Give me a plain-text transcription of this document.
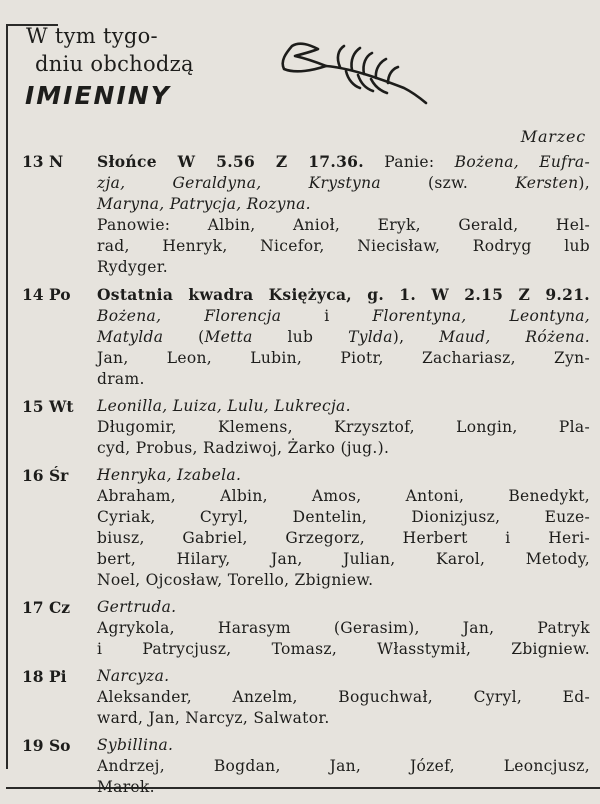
W tym tygo-
dniu obchodzą
IMIENINY
Marzec
13 N Słońce W 5.56 Z 17.36. Panie: Bożena, Eufra-
zja, Geraldyna, Krystyna (szw. Kersten),
Maryna, Patrycja, Rozyna.
Panowie: Albin, Anioł, Eryk, Gerald, Hel-
rad, Henryk, Nicefor, Niecisław, Rodryg lub
Rydyger.
14 Po Ostatnia kwadra Księżyca, g. 1. W 2.15 Z 9.21.
Bożena, Florencja i Florentyna, Leontyna,
Matylda (Metta lub Tylda), Maud, Różena.
Jan, Leon, Lubin, Piotr, Zachariasz, Zyn-
dram.
15 Wt Leonilla, Luiza, Lulu, Lukrecja.
Długomir, Klemens, Krzysztof, Longin, Pla-
cyd, Probus, Radziwoj, Żarko (jug.).
16 Śr Henryka, Izabela.
Abraham, Albin, Amos, Antoni, Benedykt,
Cyriak, Cyryl, Dentelin, Dionizjusz, Euze-
biusz, Gabriel, Grzegorz, Herbert i Heri-
bert, Hilary, Jan, Julian, Karol, Metody,
Noel, Ojcosław, Torello, Zbigniew.
17 Cz Gertruda.
Agrykola, Harasym (Gerasim), Jan, Patryk
i Patrycjusz, Tomasz, Własstymił, Zbigniew.
18 Pi Narcyza.
Aleksander, Anzelm, Boguchwał, Cyryl, Ed-
ward, Jan, Narcyz, Salwator.
19 So Sybillina.
Andrzej, Bogdan, Jan, Józef, Leoncjusz,
Marek.
